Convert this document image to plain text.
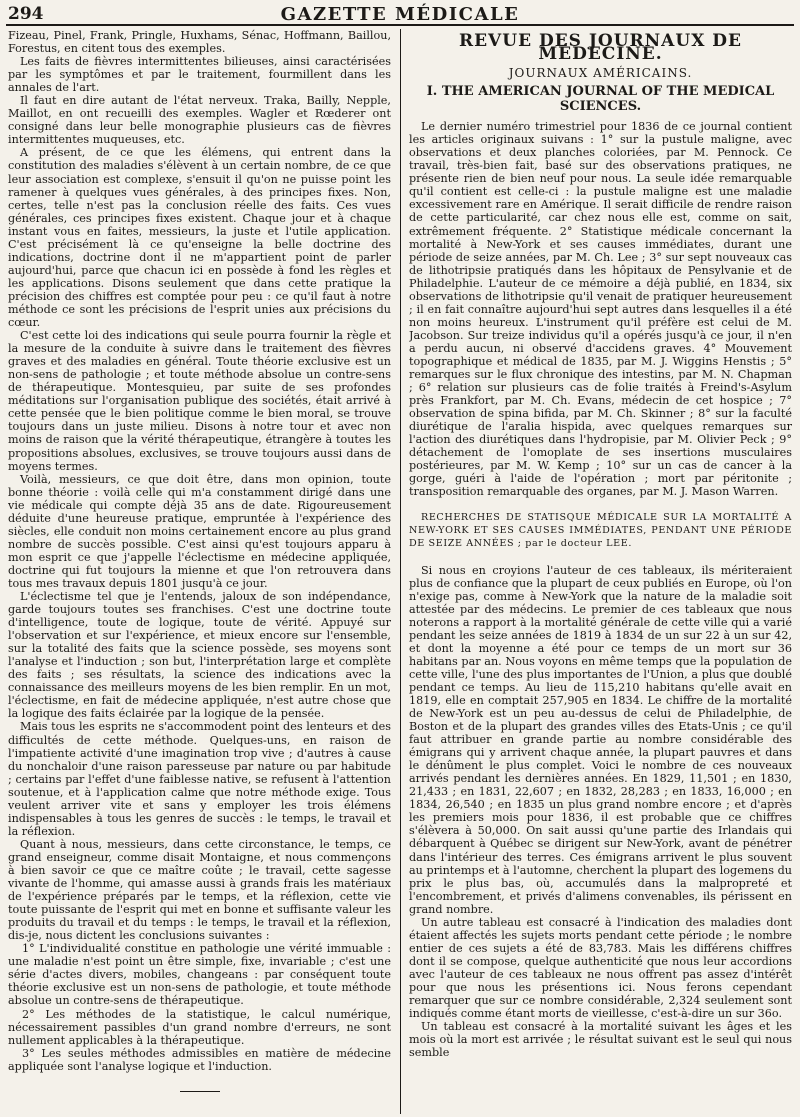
294	GAZETTE MÉDICALE

Fizeau, Pinel, Frank, Pringle, Huxhams, Sénac, Hoffmann, Baillou, Forestus, en citent tous des exemples.

Les faits de fièvres intermittentes bilieuses, ainsi caractérisées par les symptômes et par le traitement, fourmillent dans les annales de l'art.

Il faut en dire autant de l'état nerveux. Traka, Bailly, Nepple, Maillot, en ont recueilli des exemples. Wagler et Rœderer ont consigné dans leur belle monographie plusieurs cas de fièvres intermittentes muqueuses, etc.

A présent, de ce que les élémens, qui entrent dans la constitution des maladies s'élèvent à un certain nombre, de ce que leur association est complexe, s'ensuit il qu'on ne puisse point les ramener à quelques vues générales, à des principes fixes. Non, certes, telle n'est pas la conclusion réelle des faits. Ces vues générales, ces principes fixes existent. Chaque jour et à chaque instant vous en faites, messieurs, la juste et l'utile application. C'est précisément là ce qu'enseigne la belle doctrine des indications, doctrine dont il ne m'appartient point de parler aujourd'hui, parce que chacun ici en possède à fond les règles et les applications. Disons seulement que dans cette pratique la précision des chiffres est comptée pour peu : ce qu'il faut à notre méthode ce sont les précisions de l'esprit unies aux précisions du cœur.

C'est cette loi des indications qui seule pourra fournir la règle et la mesure de la conduite à suivre dans le traitement des fièvres graves et des maladies en général. Toute théorie exclusive est un non-sens de pathologie ; et toute méthode absolue un contre-sens de thérapeutique. Montesquieu, par suite de ses profondes méditations sur l'organisation publique des sociétés, était arrivé à cette pensée que le bien politique comme le bien moral, se trouve toujours dans un juste milieu. Disons à notre tour et avec non moins de raison que la vérité thérapeutique, étrangère à toutes les propositions absolues, exclusives, se trouve toujours aussi dans de moyens termes.

Voilà, messieurs, ce que doit être, dans mon opinion, toute bonne théorie : voilà celle qui m'a constamment dirigé dans une vie médicale qui compte déjà 35 ans de date. Rigoureusement déduite d'une heureuse pratique, empruntée à l'expérience des siècles, elle conduit non moins certainement encore au plus grand nombre de succès possible. C'est ainsi qu'est toujours apparu à mon esprit ce que j'appelle l'éclectisme en médecine appliquée, doctrine qui fut toujours la mienne et que l'on retrouvera dans tous mes travaux depuis 1801 jusqu'à ce jour.

L'éclectisme tel que je l'entends, jaloux de son indépendance, garde toujours toutes ses franchises. C'est une doctrine toute d'intelligence, toute de logique, toute de vérité. Appuyé sur l'observation et sur l'expérience, et mieux encore sur l'ensemble, sur la totalité des faits que la science possède, ses moyens sont l'analyse et l'induction ; son but, l'interprétation large et complète des faits ; ses résultats, la science des indications avec la connaissance des meilleurs moyens de les bien remplir. En un mot, l'éclectisme, en fait de médecine appliquée, n'est autre chose que la logique des faits éclairée par la logique de la pensée.

Mais tous les esprits ne s'accommodent point des lenteurs et des difficultés de cette méthode. Quelques-uns, en raison de l'impatiente activité d'une imagination trop vive ; d'autres à cause du nonchaloir d'une raison paresseuse par nature ou par habitude ; certains par l'effet d'une faiblesse native, se refusent à l'attention soutenue, et à l'application calme que notre méthode exige. Tous veulent arriver vite et sans y employer les trois élémens indispensables à tous les genres de succès : le temps, le travail et la réflexion.

Quant à nous, messieurs, dans cette circonstance, le temps, ce grand enseigneur, comme disait Montaigne, et nous commençons à bien savoir ce que ce maître coûte ; le travail, cette sagesse vivante de l'homme, qui amasse aussi à grands frais les matériaux de l'expérience préparés par le temps, et la réflexion, cette vie toute puissante de l'esprit qui met en bonne et suffisante valeur les produits du travail et du temps : le temps, le travail et la réflexion, dis-je, nous dictent les conclusions suivantes :

1° L'individualité constitue en pathologie une vérité immuable : une maladie n'est point un être simple, fixe, invariable ; c'est une série d'actes divers, mobiles, changeans : par conséquent toute théorie exclusive est un non-sens de pathologie, et toute méthode absolue un contre-sens de thérapeutique.

2° Les méthodes de la statistique, le calcul numérique, nécessairement passibles d'un grand nombre d'erreurs, ne sont nullement applicables à la thérapeutique.

3° Les seules méthodes admissibles en matière de médecine appliquée sont l'analyse logique et l'induction.

REVUE DES JOURNAUX DE MÉDECINE.
JOURNAUX AMÉRICAINS.
I. THE AMERICAN JOURNAL OF THE MEDICAL SCIENCES.

Le dernier numéro trimestriel pour 1836 de ce journal contient les articles originaux suivans : 1° sur la pustule maligne, avec observations et deux planches coloriées, par M. Pennock. Ce travail, très-bien fait, basé sur des observations pratiques, ne présente rien de bien neuf pour nous. La seule idée remarquable qu'il contient est celle-ci : la pustule maligne est une maladie excessivement rare en Amérique. Il serait difficile de rendre raison de cette particularité, car chez nous elle est, comme on sait, extrêmement fréquente. 2° Statistique médicale concernant la mortalité à New-York et ses causes immédiates, durant une période de seize années, par M. Ch. Lee ; 3° sur sept nouveaux cas de lithotripsie pratiqués dans les hôpitaux de Pensylvanie et de Philadelphie. L'auteur de ce mémoire a déjà publié, en 1834, six observations de lithotripsie qu'il venait de pratiquer heureusement ; il en fait connaître aujourd'hui sept autres dans lesquelles il a été non moins heureux. L'instrument qu'il préfère est celui de M. Jacobson. Sur treize individus qu'il a opérés jusqu'à ce jour, il n'en a perdu aucun, ni observé d'accidens graves. 4° Mouvement topographique et médical de 1835, par M. J. Wiggins Henstis ; 5° remarques sur le flux chronique des intestins, par M. N. Chapman ; 6° relation sur plusieurs cas de folie traités à Freind's-Asylum près Frankfort, par M. Ch. Evans, médecin de cet hospice ; 7° observation de spina bifida, par M. Ch. Skinner ; 8° sur la faculté diurétique de l'aralia hispida, avec quelques remarques sur l'action des diurétiques dans l'hydropisie, par M. Olivier Peck ; 9° détachement de l'omoplate de ses insertions musculaires postérieures, par M. W. Kemp ; 10° sur un cas de cancer à la gorge, guéri à l'aide de l'opération ; mort par péritonite ; transposition remarquable des organes, par M. J. Mason Warren.

RECHERCHES DE STATISQUE MÉDICALE SUR LA MORTALITÉ A NEW-YORK ET SES CAUSES IMMÉDIATES, PENDANT UNE PÉRIODE DE SEIZE ANNÉES ; par le docteur LEE.

Si nous en croyions l'auteur de ces tableaux, ils mériteraient plus de confiance que la plupart de ceux publiés en Europe, où l'on n'exige pas, comme à New-York que la nature de la maladie soit attestée par des médecins. Le premier de ces tableaux que nous noterons a rapport à la mortalité générale de cette ville qui a varié pendant les seize années de 1819 à 1834 de un sur 22 à un sur 42, et dont la moyenne a été pour ce temps de un mort sur 36 habitans par an. Nous voyons en même temps que la population de cette ville, l'une des plus importantes de l'Union, a plus que doublé pendant ce temps. Au lieu de 115,210 habitans qu'elle avait en 1819, elle en comptait 257,905 en 1834. Le chiffre de la mortalité de New-York est un peu au-dessus de celui de Philadelphie, de Boston et de la plupart des grandes villes des Etats-Unis ; ce qu'il faut attribuer en grande partie au nombre considérable des émigrans qui y arrivent chaque année, la plupart pauvres et dans le dénûment le plus complet. Voici le nombre de ces nouveaux arrivés pendant les dernières années. En 1829, 11,501 ; en 1830, 21,433 ; en 1831, 22,607 ; en 1832, 28,283 ; en 1833, 16,000 ; en 1834, 26,540 ; en 1835 un plus grand nombre encore ; et d'après les premiers mois pour 1836, il est probable que ce chiffres s'élèvera à 50,000. On sait aussi qu'une partie des Irlandais qui débarquent à Québec se dirigent sur New-York, avant de pénétrer dans l'intérieur des terres. Ces émigrans arrivent le plus souvent au printemps et à l'automne, cherchent la plupart des logemens du prix le plus bas, où, accumulés dans la malpropreté et l'encombrement, et privés d'alimens convenables, ils périssent en grand nombre.

Un autre tableau est consacré à l'indication des maladies dont étaient affectés les sujets morts pendant cette période ; le nombre entier de ces sujets a été de 83,783. Mais les différens chiffres dont il se compose, quelque authenticité que nous leur accordions avec l'auteur de ces tableaux ne nous offrent pas assez d'intérêt pour que nous les présentions ici. Nous ferons cependant remarquer que sur ce nombre considérable, 2,324 seulement sont indiqués comme étant morts de vieillesse, c'est-à-dire un sur 36o.

Un tableau est consacré à la mortalité suivant les âges et les mois où la mort est arrivée ; le résultat suivant est le seul qui nous semble
